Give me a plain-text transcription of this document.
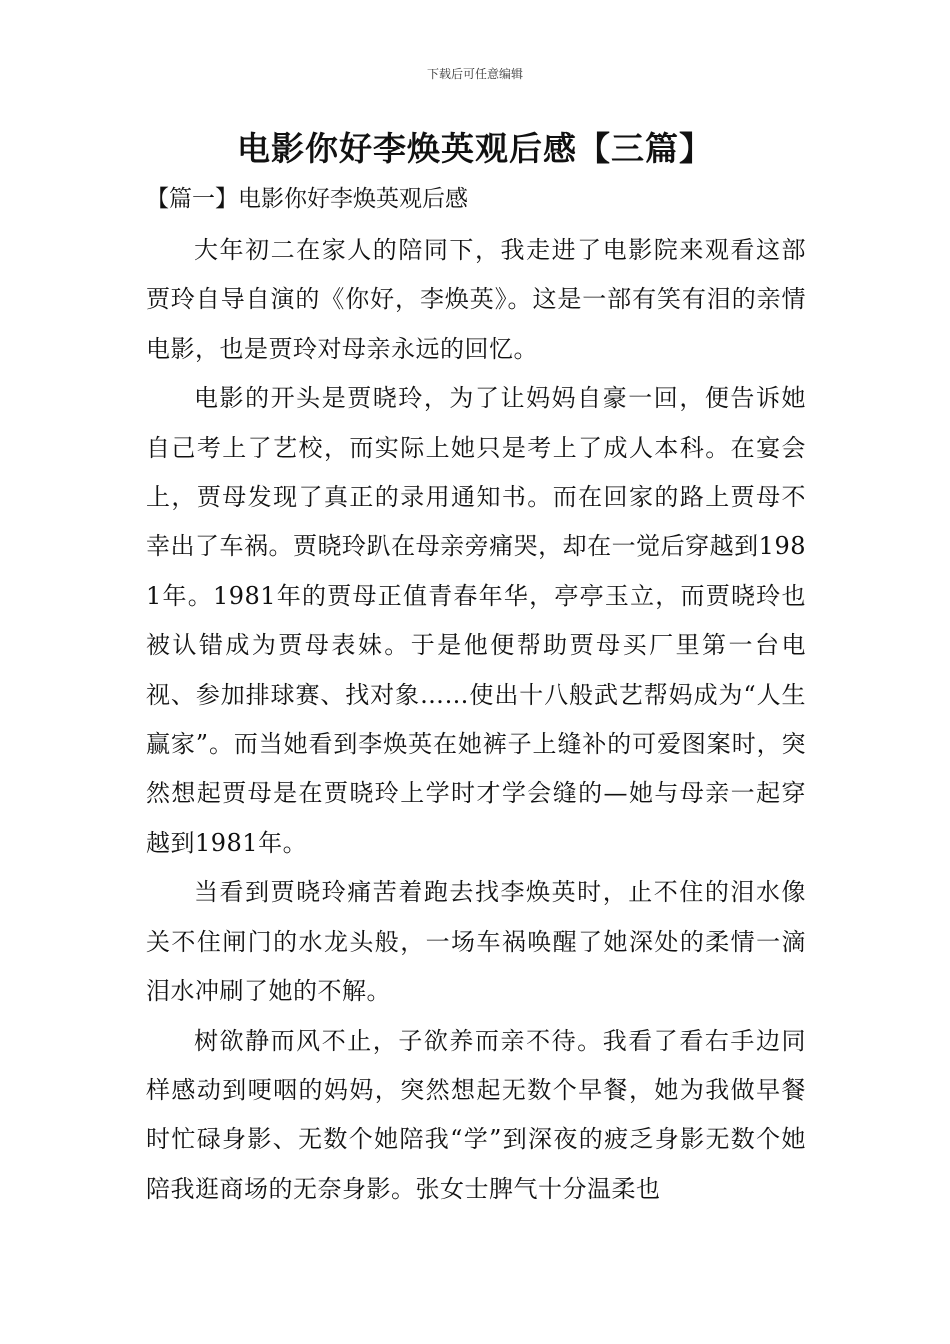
下载后可任意编辑
电影你好李焕英观后感【三篇】
【篇一】电影你好李焕英观后感

大年初二在家人的陪同下，我走进了电影院来观看这部贾玲自导自演的《你好，李焕英》。这是一部有笑有泪的亲情电影，也是贾玲对母亲永远的回忆。

电影的开头是贾晓玲，为了让妈妈自豪一回，便告诉她自己考上了艺校，而实际上她只是考上了成人本科。在宴会上，贾母发现了真正的录用通知书。而在回家的路上贾母不幸出了车祸。贾晓玲趴在母亲旁痛哭，却在一觉后穿越到1981年。1981年的贾母正值青春年华，亭亭玉立，而贾晓玲也被认错成为贾母表妹。于是他便帮助贾母买厂里第一台电视、参加排球赛、找对象……使出十八般武艺帮妈成为“人生赢家”。而当她看到李焕英在她裤子上缝补的可爱图案时，突然想起贾母是在贾晓玲上学时才学会缝的—她与母亲一起穿越到1981年。

当看到贾晓玲痛苦着跑去找李焕英时，止不住的泪水像关不住闸门的水龙头般，一场车祸唤醒了她深处的柔情一滴泪水冲刷了她的不解。

树欲静而风不止，子欲养而亲不待。我看了看右手边同样感动到哽咽的妈妈，突然想起无数个早餐，她为我做早餐时忙碌身影、无数个她陪我“学”到深夜的疲乏身影无数个她陪我逛商场的无奈身影。张女士脾气十分温柔也
